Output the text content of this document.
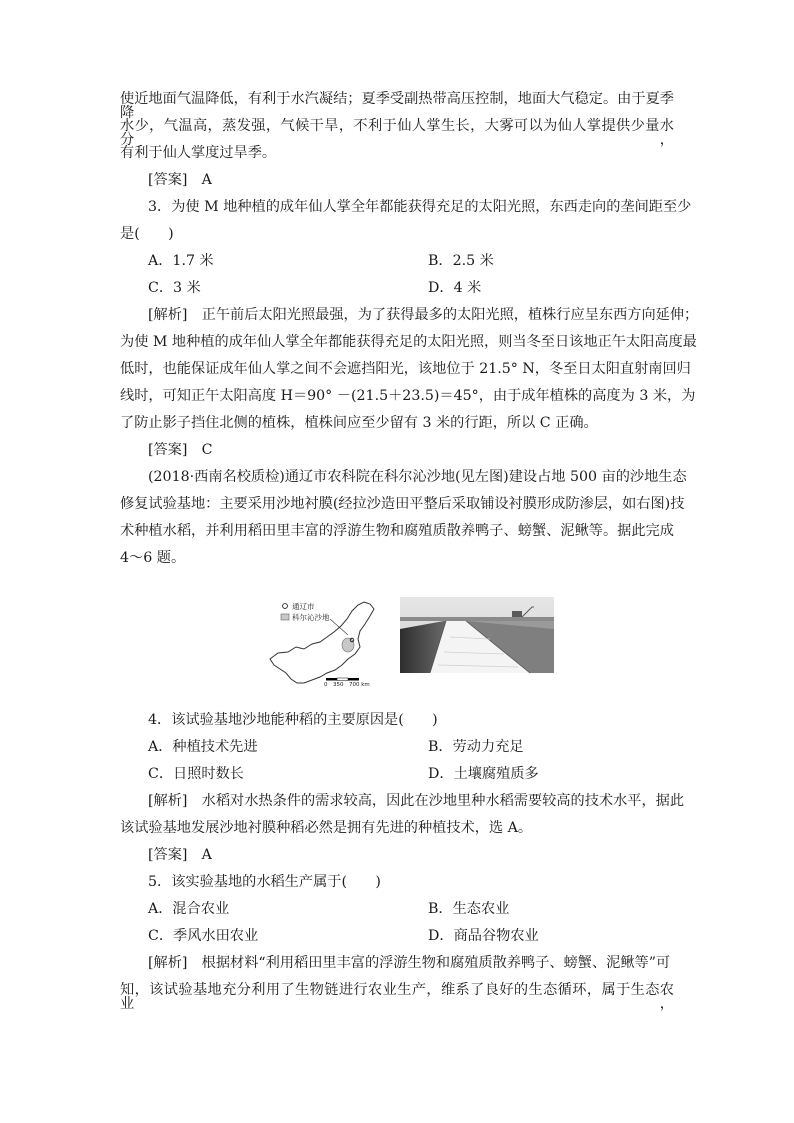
使近地面气温降低，有利于水汽凝结；夏季受副热带高压控制，地面大气稳定。由于夏季降
水少，气温高，蒸发强，气候干旱，不利于仙人掌生长，大雾可以为仙人掌提供少量水分，
有利于仙人掌度过旱季。
[答案]　A
3．为使 M 地种植的成年仙人掌全年都能获得充足的太阳光照，东西走向的垄间距至少
是(　　)
A．1.7 米	B．2.5 米
C．3 米	D．4 米
[解析]　正午前后太阳光照最强，为了获得最多的太阳光照，植株行应呈东西方向延伸；
为使 M 地种植的成年仙人掌全年都能获得充足的太阳光照，则当冬至日该地正午太阳高度最
低时，也能保证成年仙人掌之间不会遮挡阳光，该地位于 21.5° N，冬至日太阳直射南回归
线时，可知正午太阳高度 H＝90° －(21.5＋23.5)＝45°，由于成年植株的高度为 3 米，为
了防止影子挡住北侧的植株，植株间应至少留有 3 米的行距，所以 C 正确。
[答案]　C
(2018·西南名校质检)通辽市农科院在科尔沁沙地(见左图)建设占地 500 亩的沙地生态
修复试验基地：主要采用沙地衬膜(经拉沙造田平整后采取铺设衬膜形成防渗层，如右图)技
术种植水稻，并利用稻田里丰富的浮游生物和腐殖质散养鸭子、螃蟹、泥鳅等。据此完成
4～6 题。
通辽市
科尔沁沙地
0　350　700 km
4．该试验基地沙地能种稻的主要原因是(　　)
A．种植技术先进	B．劳动力充足
C．日照时数长	D．土壤腐殖质多
[解析]　水稻对水热条件的需求较高，因此在沙地里种水稻需要较高的技术水平，据此
该试验基地发展沙地衬膜种稻必然是拥有先进的种植技术，选 A。
[答案]　A
5．该实验基地的水稻生产属于(　　)
A．混合农业	B．生态农业
C．季风水田农业	D．商品谷物农业
[解析]　根据材料“利用稻田里丰富的浮游生物和腐殖质散养鸭子、螃蟹、泥鳅等”可
知，该试验基地充分利用了生物链进行农业生产，维系了良好的生态循环，属于生态农业，
